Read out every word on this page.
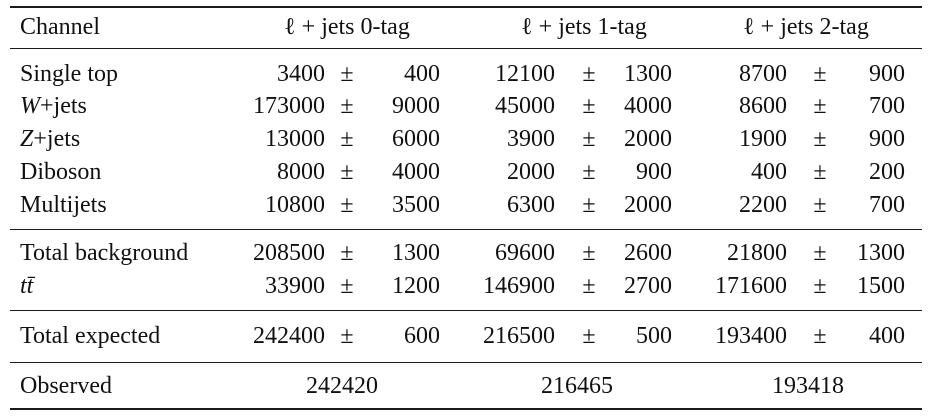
Channel	ℓ + jets 0-tag	ℓ + jets 1-tag	ℓ + jets 2-tag
Single top	3400 ±	400	12100 ±	1300	8700 ±	900
W+jets	173000 ±	9000	45000 ±	4000	8600 ±	700
Z+jets	13000 ±	6000	3900 ±	2000	1900 ±	900
Diboson	8000 ±	4000	2000 ±	900	400 ±	200
Multijets	10800 ±	3500	6300 ±	2000	2200 ±	700
Total background	208500 ±	1300	69600 ±	2600	21800 ±	1300
tt̄	33900 ±	1200	146900 ±	2700	171600 ±	1500
Total expected	242400 ±	600	216500 ±	500	193400 ±	400
Observed	242420	216465	193418
